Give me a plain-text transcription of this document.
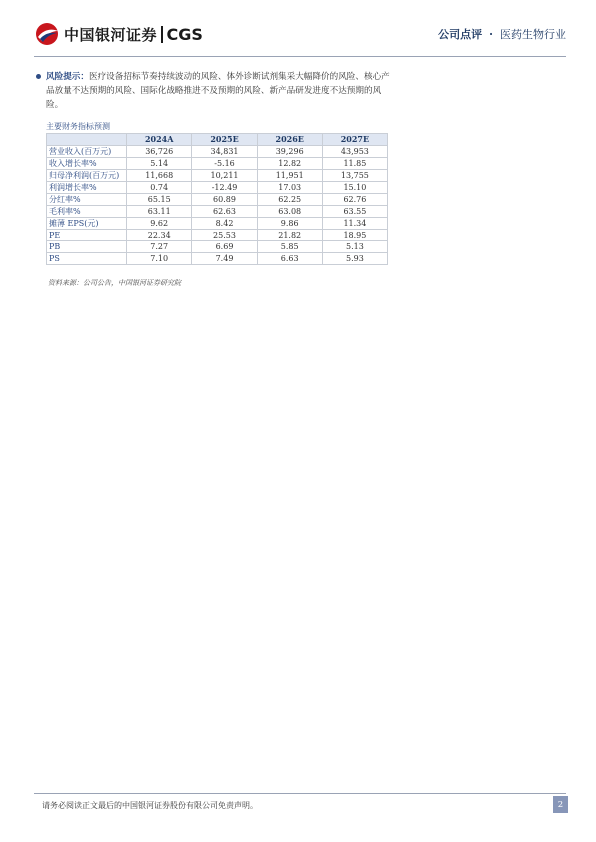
中国银河证券 CGS	公司点评 · 医药生物行业
风险提示：医疗设备招标节奏持续波动的风险、体外诊断试剂集采大幅降价的风险、核心产品放量不达预期的风险、国际化战略推进不及预期的风险、新产品研发进度不达预期的风险。
主要财务指标预测
	2024A	2025E	2026E	2027E
营业收入(百万元)	36,726	34,831	39,296	43,953
收入增长率%	5.14	-5.16	12.82	11.85
归母净利润(百万元)	11,668	10,211	11,951	13,755
利润增长率%	0.74	-12.49	17.03	15.10
分红率%	65.15	60.89	62.25	62.76
毛利率%	63.11	62.63	63.08	63.55
摊薄 EPS(元)	9.62	8.42	9.86	11.34
PE	22.34	25.53	21.82	18.95
PB	7.27	6.69	5.85	5.13
PS	7.10	7.49	6.63	5.93
资料来源：公司公告，中国银河证券研究院
请务必阅读正文最后的中国银河证券股份有限公司免责声明。	2
